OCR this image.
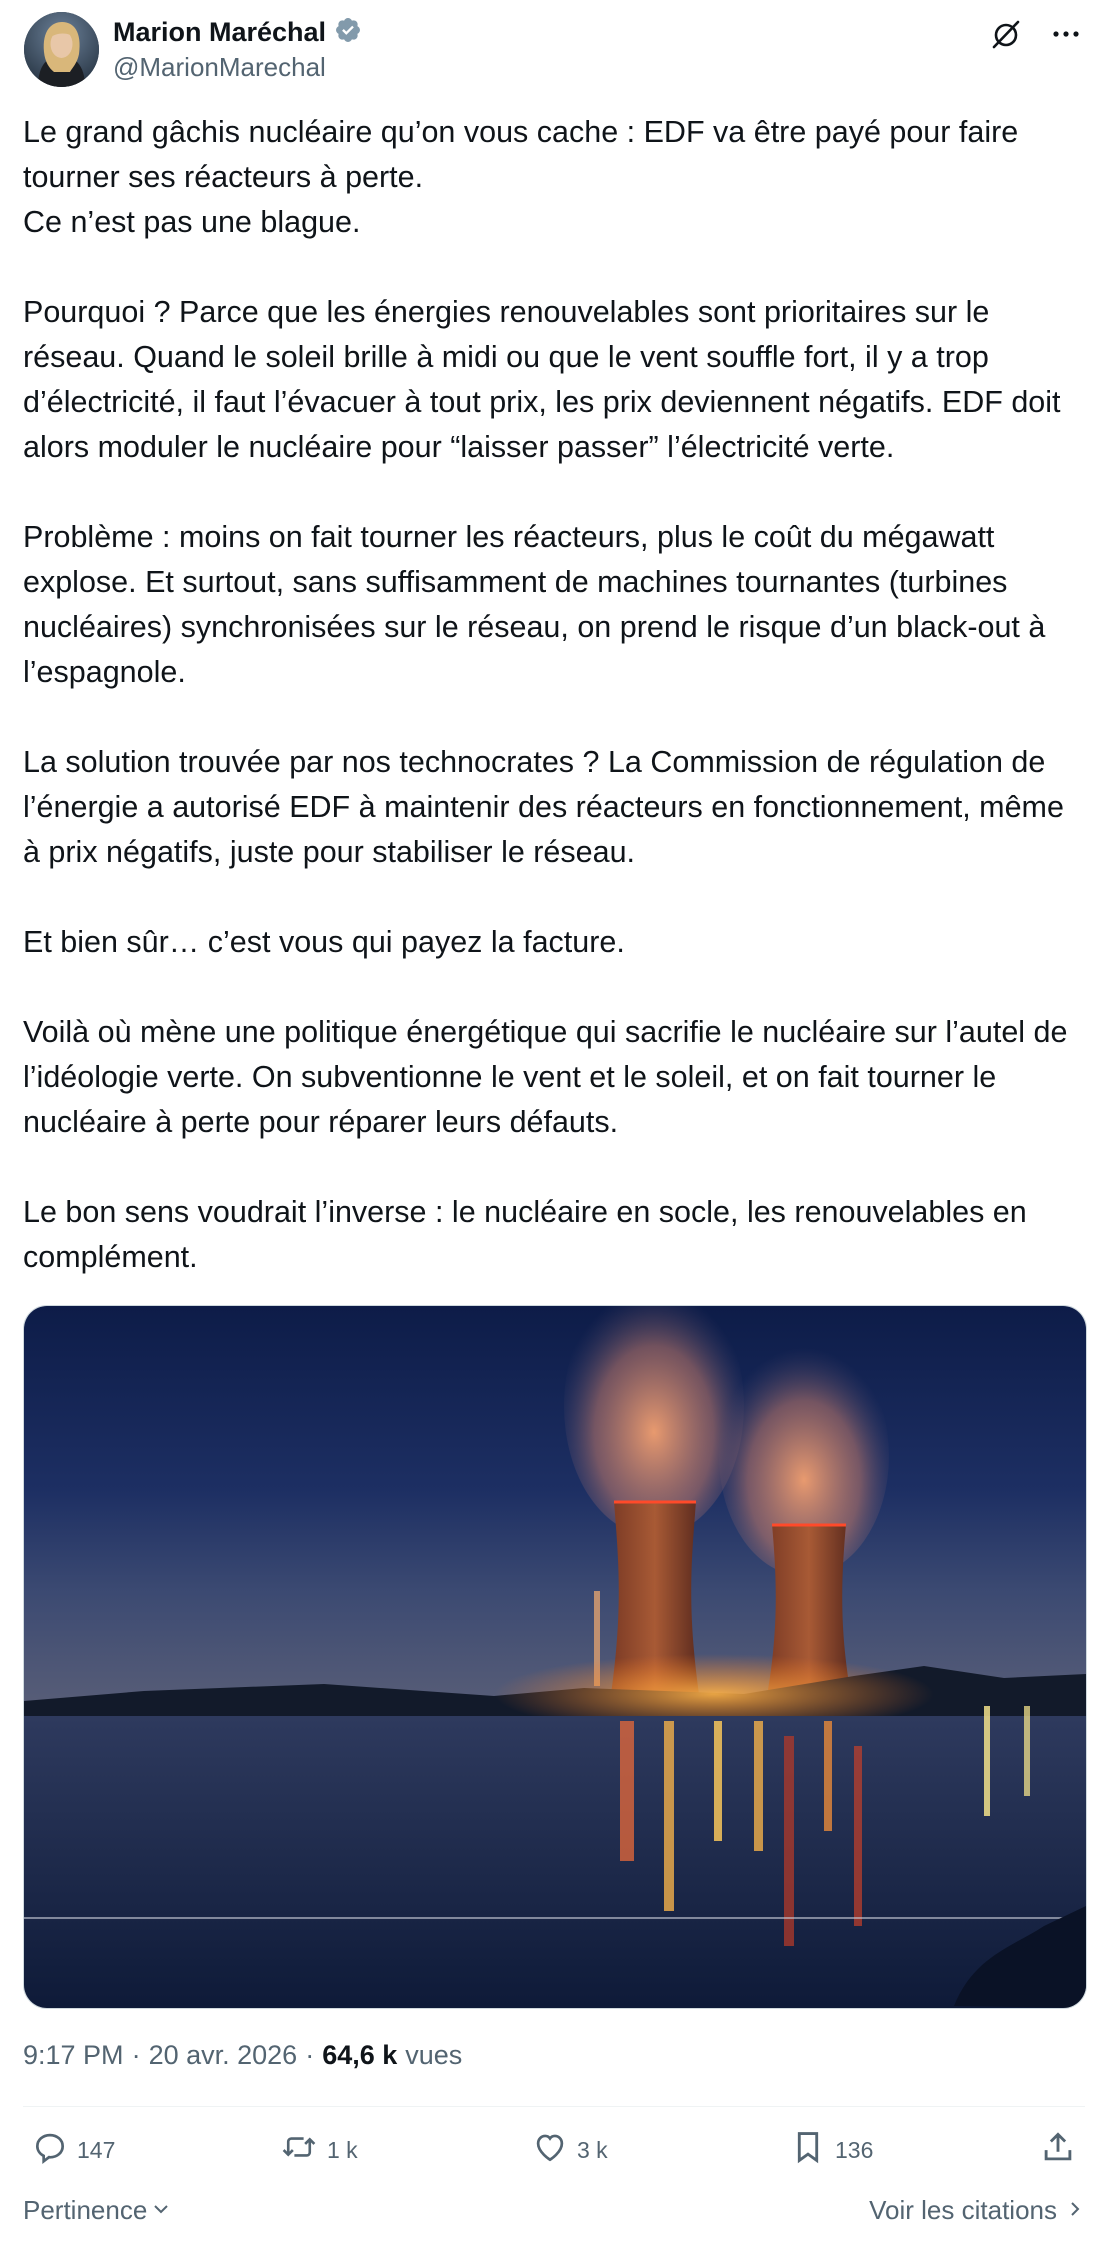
Marion Maréchal
@MarionMarechal

Le grand gâchis nucléaire qu’on vous cache : EDF va être payé pour faire tourner ses réacteurs à perte.

Ce n’est pas une blague.

Pourquoi ? Parce que les énergies renouvelables sont prioritaires sur le réseau. Quand le soleil brille à midi ou que le vent souffle fort, il y a trop d’électricité, il faut l’évacuer à tout prix, les prix deviennent négatifs. EDF doit alors moduler le nucléaire pour “laisser passer” l’électricité verte.

Problème : moins on fait tourner les réacteurs, plus le coût du mégawatt explose. Et surtout, sans suffisamment de machines tournantes (turbines nucléaires) synchronisées sur le réseau, on prend le risque d’un black-out à l’espagnole.

La solution trouvée par nos technocrates ? La Commission de régulation de l’énergie a autorisé EDF à maintenir des réacteurs en fonctionnement, même à prix négatifs, juste pour stabiliser le réseau.

Et bien sûr… c’est vous qui payez la facture.

Voilà où mène une politique énergétique qui sacrifie le nucléaire sur l’autel de l’idéologie verte. On subventionne le vent et le soleil, et on fait tourner le nucléaire à perte pour réparer leurs défauts.

Le bon sens voudrait l’inverse : le nucléaire en socle, les renouvelables en complément.

9:17 PM · 20 avr. 2026 · 64,6 k vues
147	1 k	3 k	136
Pertinence	Voir les citations
